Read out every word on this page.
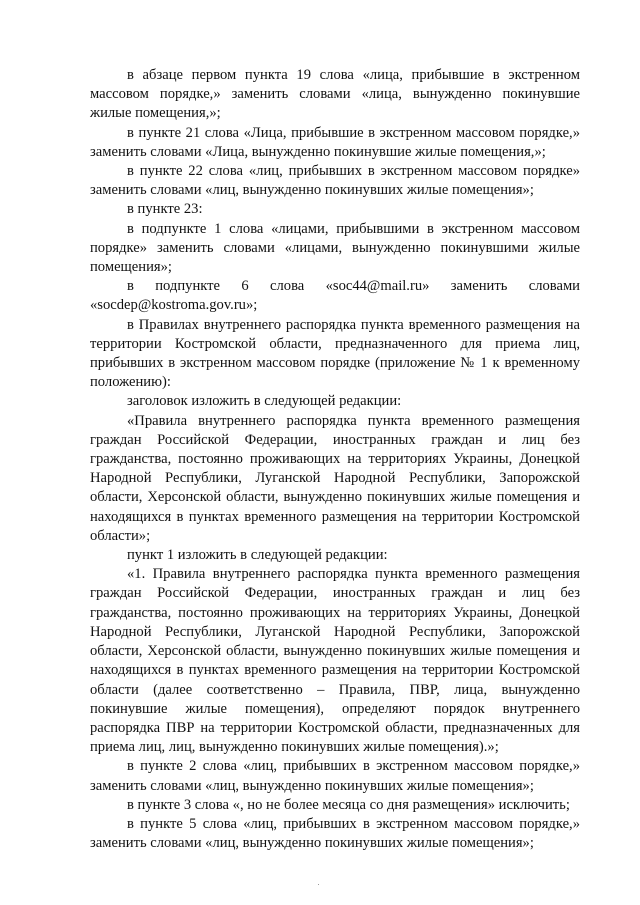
в абзаце первом пункта 19 слова «лица, прибывшие в экстренном массовом порядке,» заменить словами «лица, вынужденно покинувшие жилые помещения,»;

в пункте 21 слова «Лица, прибывшие в экстренном массовом порядке,» заменить словами «Лица, вынужденно покинувшие жилые помещения,»;

в пункте 22 слова «лиц, прибывших в экстренном массовом порядке» заменить словами «лиц, вынужденно покинувших жилые помещения»;

в пункте 23:

в подпункте 1 слова «лицами, прибывшими в экстренном массовом порядке» заменить словами «лицами, вынужденно покинувшими жилые помещения»;

в подпункте 6 слова «soc44@mail.ru» заменить словами «socdep@kostroma.gov.ru»;

в Правилах внутреннего распорядка пункта временного размещения на территории Костромской области, предназначенного для приема лиц, прибывших в экстренном массовом порядке (приложение № 1 к временному положению):

заголовок изложить в следующей редакции:

«Правила внутреннего распорядка пункта временного размещения граждан Российской Федерации, иностранных граждан и лиц без гражданства, постоянно проживающих на территориях Украины, Донецкой Народной Республики, Луганской Народной Республики, Запорожской области, Херсонской области, вынужденно покинувших жилые помещения и находящихся в пунктах временного размещения на территории Костромской области»;

пункт 1 изложить в следующей редакции:

«1. Правила внутреннего распорядка пункта временного размещения граждан Российской Федерации, иностранных граждан и лиц без гражданства, постоянно проживающих на территориях Украины, Донецкой Народной Республики, Луганской Народной Республики, Запорожской области, Херсонской области, вынужденно покинувших жилые помещения и находящихся в пунктах временного размещения на территории Костромской области (далее соответственно – Правила, ПВР, лица, вынужденно покинувшие жилые помещения), определяют порядок внутреннего распорядка ПВР на территории Костромской области, предназначенных для приема лиц, лиц, вынужденно покинувших жилые помещения).»;

в пункте 2 слова «лиц, прибывших в экстренном массовом порядке,» заменить словами «лиц, вынужденно покинувших жилые помещения»;

в пункте 3 слова «, но не более месяца со дня размещения» исключить;

в пункте 5 слова «лиц, прибывших в экстренном массовом порядке,» заменить словами «лиц, вынужденно покинувших жилые помещения»;
